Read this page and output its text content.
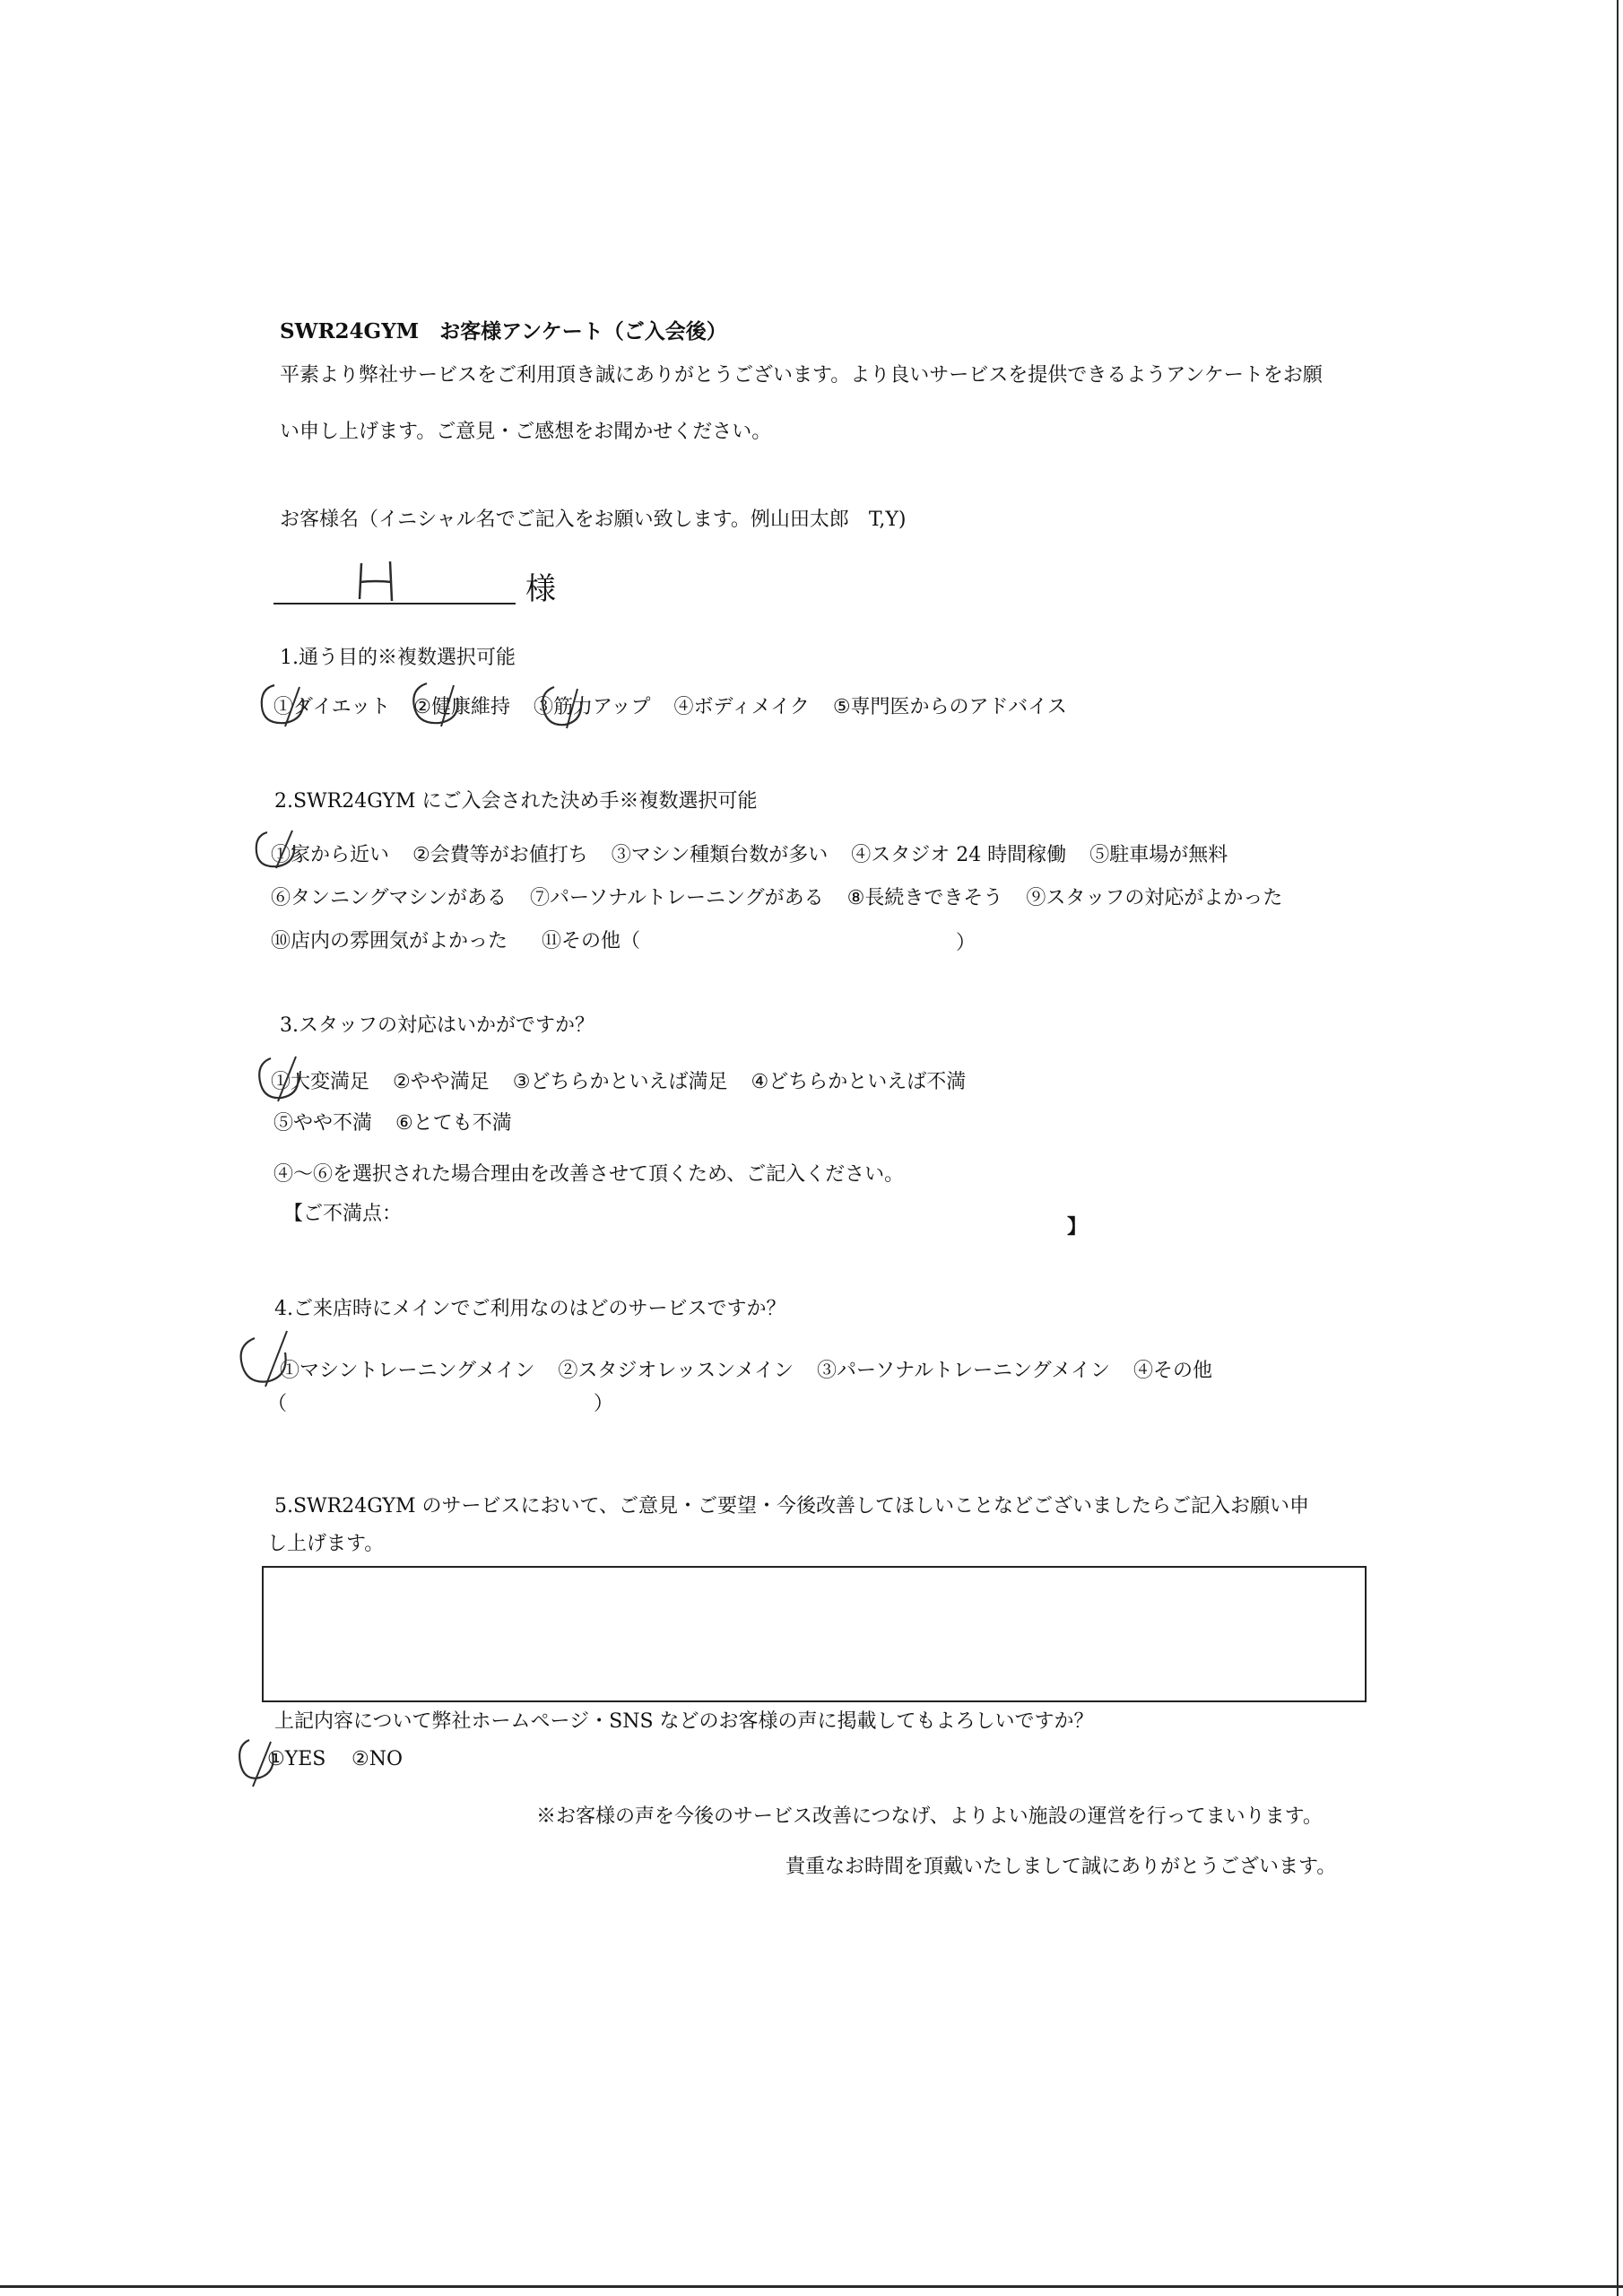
SWR24GYM　お客様アンケート（ご入会後）
平素より弊社サービスをご利用頂き誠にありがとうございます。より良いサービスを提供できるようアンケートをお願
い申し上げます。ご意見・ご感想をお聞かせください。
お客様名（イニシャル名でご記入をお願い致します。例山田太郎　T,Y)
様
1.通う目的※複数選択可能
①ダイエット ②健康維持 ③筋力アップ ④ボディメイク ⑤専門医からのアドバイス
2.SWR24GYM にご入会された決め手※複数選択可能
①家から近い ②会費等がお値打ち ③マシン種類台数が多い ④スタジオ 24 時間稼働 ⑤駐車場が無料
⑥タンニングマシンがある ⑦パーソナルトレーニングがある ⑧長続きできそう ⑨スタッフの対応がよかった
⑩店内の雰囲気がよかった ⑪その他（	）
3.スタッフの対応はいかがですか？
①大変満足 ②やや満足 ③どちらかといえば満足 ④どちらかといえば不満
⑤やや不満 ⑥とても不満
④～⑥を選択された場合理由を改善させて頂くため、ご記入ください。
【ご不満点：
】
4.ご来店時にメインでご利用なのはどのサービスですか？
①マシントレーニングメイン ②スタジオレッスンメイン ③パーソナルトレーニングメイン ④その他
（	）
5.SWR24GYM のサービスにおいて、ご意見・ご要望・今後改善してほしいことなどございましたらご記入お願い申
し上げます。
上記内容について弊社ホームページ・SNS などのお客様の声に掲載してもよろしいですか？
①YES ②NO
※お客様の声を今後のサービス改善につなげ、よりよい施設の運営を行ってまいります。
貴重なお時間を頂戴いたしまして誠にありがとうございます。
